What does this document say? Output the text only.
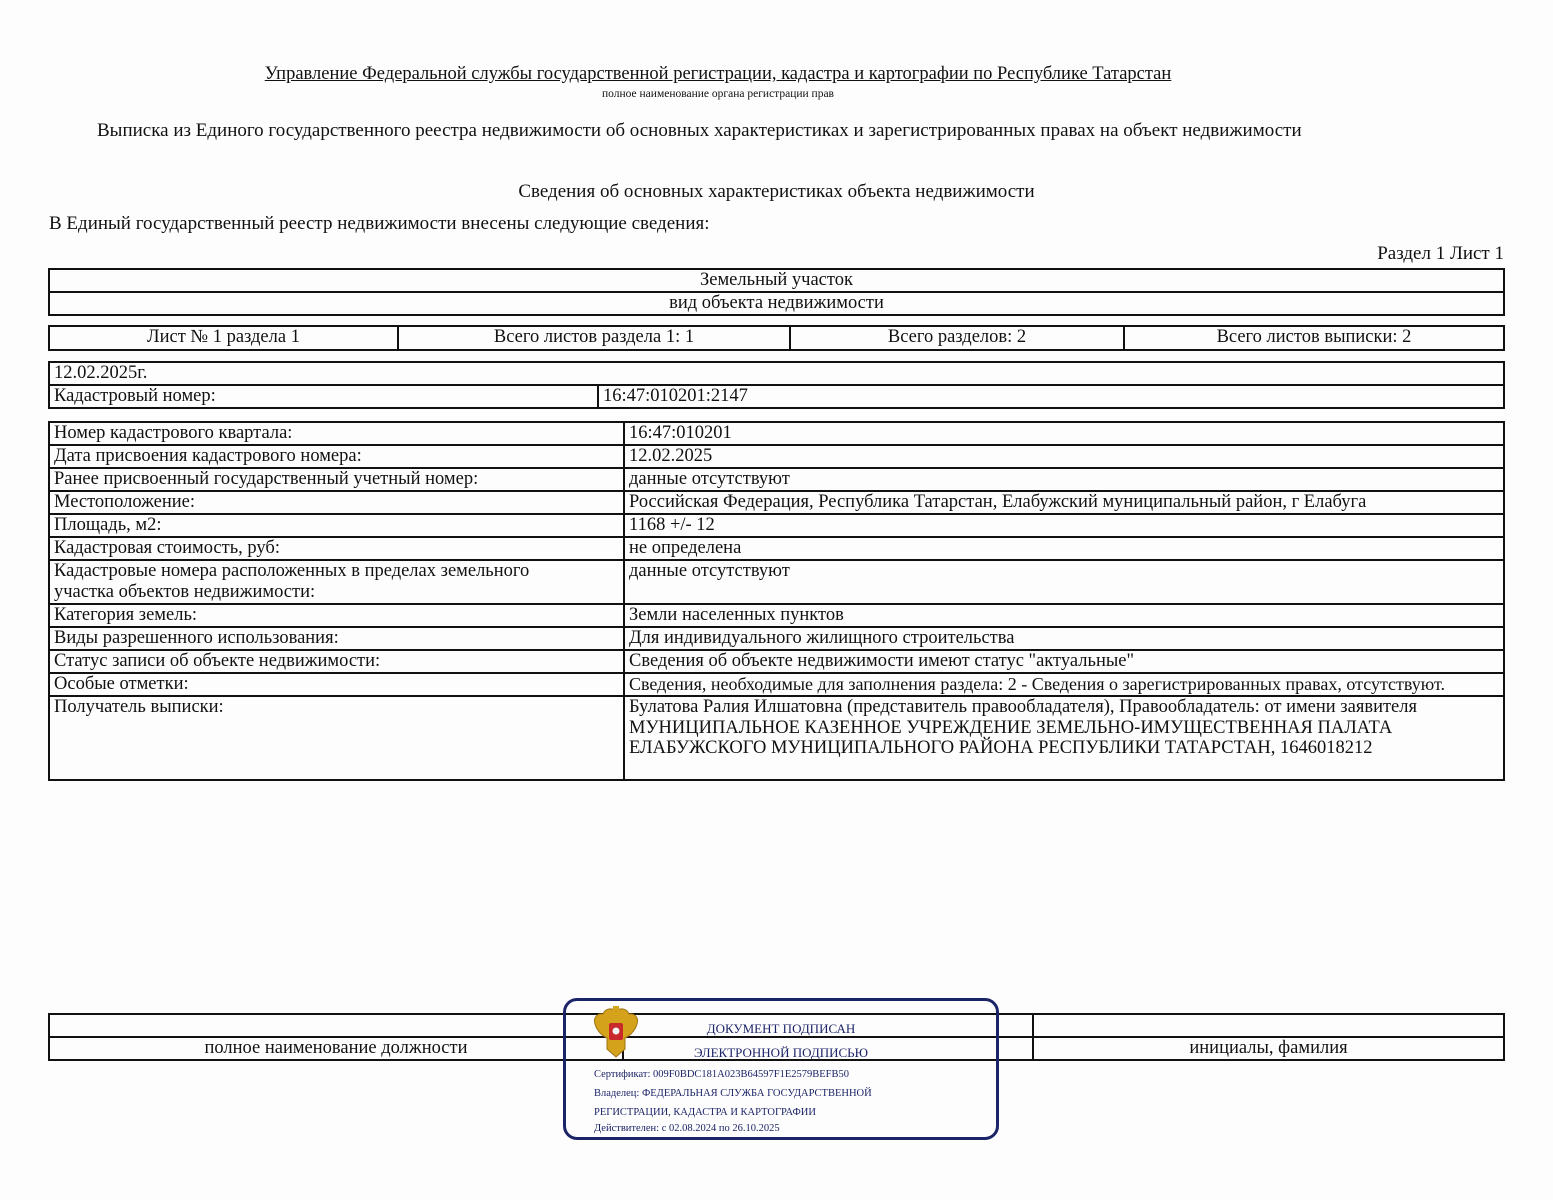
Управление Федеральной службы государственной регистрации, кадастра и картографии по Республике Татарстан
полное наименование органа регистрации прав
Выписка из Единого государственного реестра недвижимости об основных характеристиках и зарегистрированных правах на объект недвижимости
Сведения об основных характеристиках объекта недвижимости
В Единый государственный реестр недвижимости внесены следующие сведения:
Раздел 1 Лист 1
Земельный участок
вид объекта недвижимости
Лист № 1 раздела 1	Всего листов раздела 1: 1	Всего разделов: 2	Всего листов выписки: 2
12.02.2025г.
Кадастровый номер:	16:47:010201:2147
Номер кадастрового квартала:	16:47:010201
Дата присвоения кадастрового номера:	12.02.2025
Ранее присвоенный государственный учетный номер:	данные отсутствуют
Местоположение:	Российская Федерация, Республика Татарстан, Елабужский муниципальный район, г Елабуга
Площадь, м2:	1168 +/- 12
Кадастровая стоимость, руб:	не определена
Кадастровые номера расположенных в пределах земельного участка объектов недвижимости:	данные отсутствуют
Категория земель:	Земли населенных пунктов
Виды разрешенного использования:	Для индивидуального жилищного строительства
Статус записи об объекте недвижимости:	Сведения об объекте недвижимости имеют статус "актуальные"
Особые отметки:	Сведения, необходимые для заполнения раздела: 2 - Сведения о зарегистрированных правах, отсутствуют.
Получатель выписки:	Булатова Ралия Илшатовна (представитель правообладателя), Правообладатель: от имени заявителя МУНИЦИПАЛЬНОЕ КАЗЕННОЕ УЧРЕЖДЕНИЕ ЗЕМЕЛЬНО-ИМУЩЕСТВЕННАЯ ПАЛАТА ЕЛАБУЖСКОГО МУНИЦИПАЛЬНОГО РАЙОНА РЕСПУБЛИКИ ТАТАРСТАН, 1646018212

полное наименование должности		инициалы, фамилия
ДОКУМЕНТ ПОДПИСАН
ЭЛЕКТРОННОЙ ПОДПИСЬЮ
Сертификат: 009F0BDC181A023B64597F1E2579BEFB50
Владелец: ФЕДЕРАЛЬНАЯ СЛУЖБА ГОСУДАРСТВЕННОЙ
РЕГИСТРАЦИИ, КАДАСТРА И КАРТОГРАФИИ
Действителен: с 02.08.2024 по 26.10.2025
